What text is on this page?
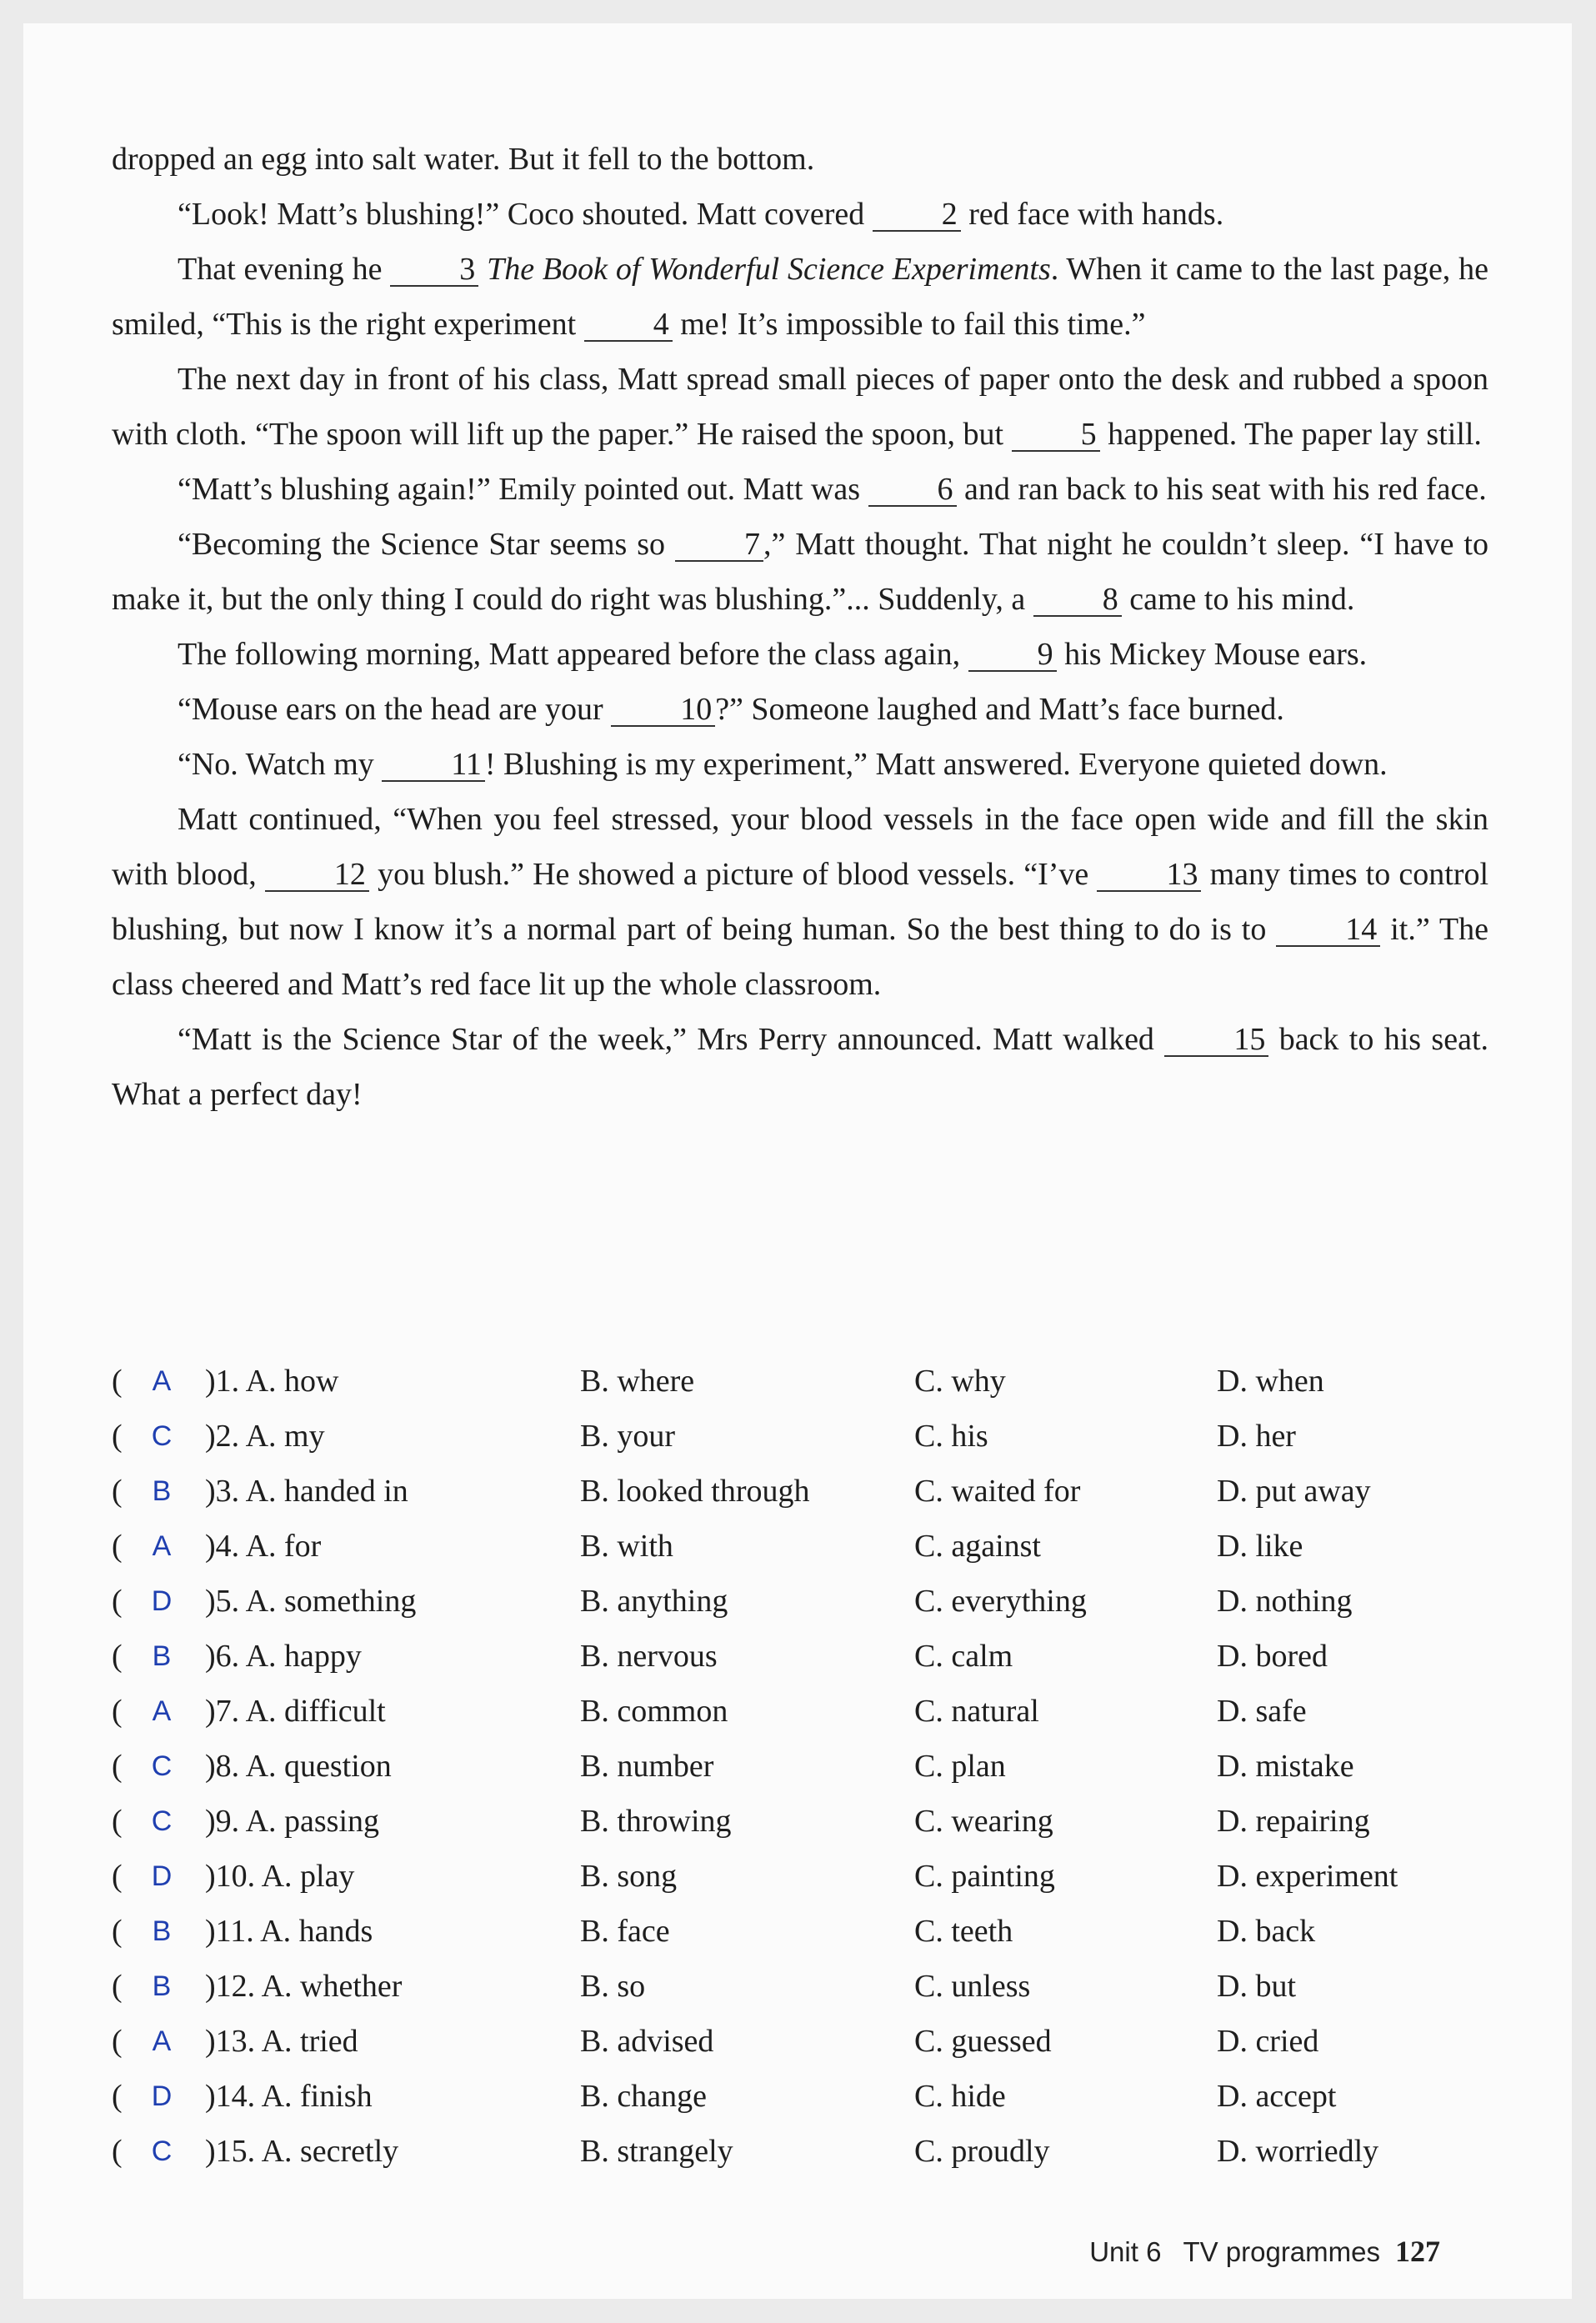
dropped an egg into salt water. But it fell to the bottom.

“Look! Matt’s blushing!” Coco shouted. Matt covered 2 red face with hands.

That evening he 3 The Book of Wonderful Science Experiments. When it came to the last page, he smiled, “This is the right experiment 4 me! It’s impossible to fail this time.”

The next day in front of his class, Matt spread small pieces of paper onto the desk and rubbed a spoon with cloth. “The spoon will lift up the paper.” He raised the spoon, but 5 happened. The paper lay still.

“Matt’s blushing again!” Emily pointed out. Matt was 6 and ran back to his seat with his red face.

“Becoming the Science Star seems so 7 ,” Matt thought. That night he couldn’t sleep. “I have to make it, but the only thing I could do right was blushing.”... Suddenly, a 8 came to his mind.

The following morning, Matt appeared before the class again, 9 his Mickey Mouse ears.

“Mouse ears on the head are your 10 ?” Someone laughed and Matt’s face burned.

“No. Watch my 11 ! Blushing is my experiment,” Matt answered. Everyone quieted down.

Matt continued, “When you feel stressed, your blood vessels in the face open wide and fill the skin with blood, 12 you blush.” He showed a picture of blood vessels. “I’ve 13 many times to control blushing, but now I know it’s a normal part of being human. So the best thing to do is to 14 it.” The class cheered and Matt’s red face lit up the whole classroom.

“Matt is the Science Star of the week,” Mrs Perry announced. Matt walked	15 back to his seat. What a perfect day!

( A	)1. A. how	B. where	C. why	D. when
( C	)2. A. my	B. your	C. his	D. her
( B	)3. A. handed in	B. looked through	C. waited for	D. put away
( A	)4. A. for	B. with	C. against	D. like
( D	)5. A. something	B. anything	C. everything	D. nothing
( B	)6. A. happy	B. nervous	C. calm	D. bored
( A	)7. A. difficult	B. common	C. natural	D. safe
( C	)8. A. question	B. number	C. plan	D. mistake
( C	)9. A. passing	B. throwing	C. wearing	D. repairing
( D	)10. A. play	B. song	C. painting	D. experiment
( B	)11. A. hands	B. face	C. teeth	D. back
( B	)12. A. whether	B. so	C. unless	D. but
( A	)13. A. tried	B. advised	C. guessed	D. cried
( D	)14. A. finish	B. change	C. hide	D. accept
( C	)15. A. secretly	B. strangely	C. proudly	D. worriedly
Unit 6 TV programmes 127
